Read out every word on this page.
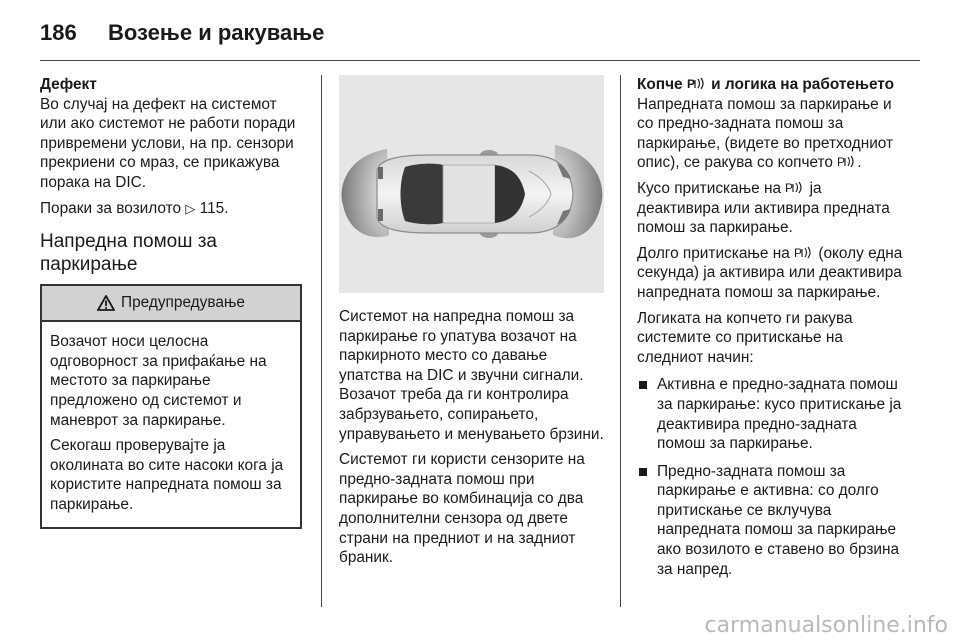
186	Возење и ракување

Дефект

Во случај на дефект на системот или ако системот не работи поради привремени услови, на пр. сензори прекриени со мраз, се прикажува порака на DIC.

Пораки за возилото ▷ 115.

Напредна помош за паркирање

Предупредување

Возачот носи целосна одговорност за прифаќање на местото за паркирање предложено од системот и маневрот за паркирање.

Секогаш проверувајте ја околината во сите насоки кога ја користите напредната помош за паркирање.

Системот на напредна помош за паркирање го упатува возачот на паркирното место со давање упатства на DIC и звучни сигнали. Возачот треба да ги контролира забрзувањето, сопирањето, управувањето и менувањето брзини.

Системот ги користи сензорите на предно-задната помош при паркирање во комбинација со два дополнителни сензора од двете страни на предниот и на задниот браник.

Копче P и логика на работењето

Напредната помош за паркирање и со предно-задната помош за паркирање, (видете во претходниот опис), се ракува со копчето P .

Кусо притискање на P ја деактивира или активира предната помош за паркирање.

Долго притискање на P (околу една секунда) ја активира или деактивира напредната помош за паркирање.

Логиката на копчето ги ракува системите со притискање на следниот начин:

Активна е предно-задната помош за паркирање: кусо притискање ја деактивира предно-задната помош за паркирање.
Предно-задната помош за паркирање е активна: со долго притискање се вклучува напредната помош за паркирање ако возилото е ставено во брзина за напред.
carmanualsonline.info
